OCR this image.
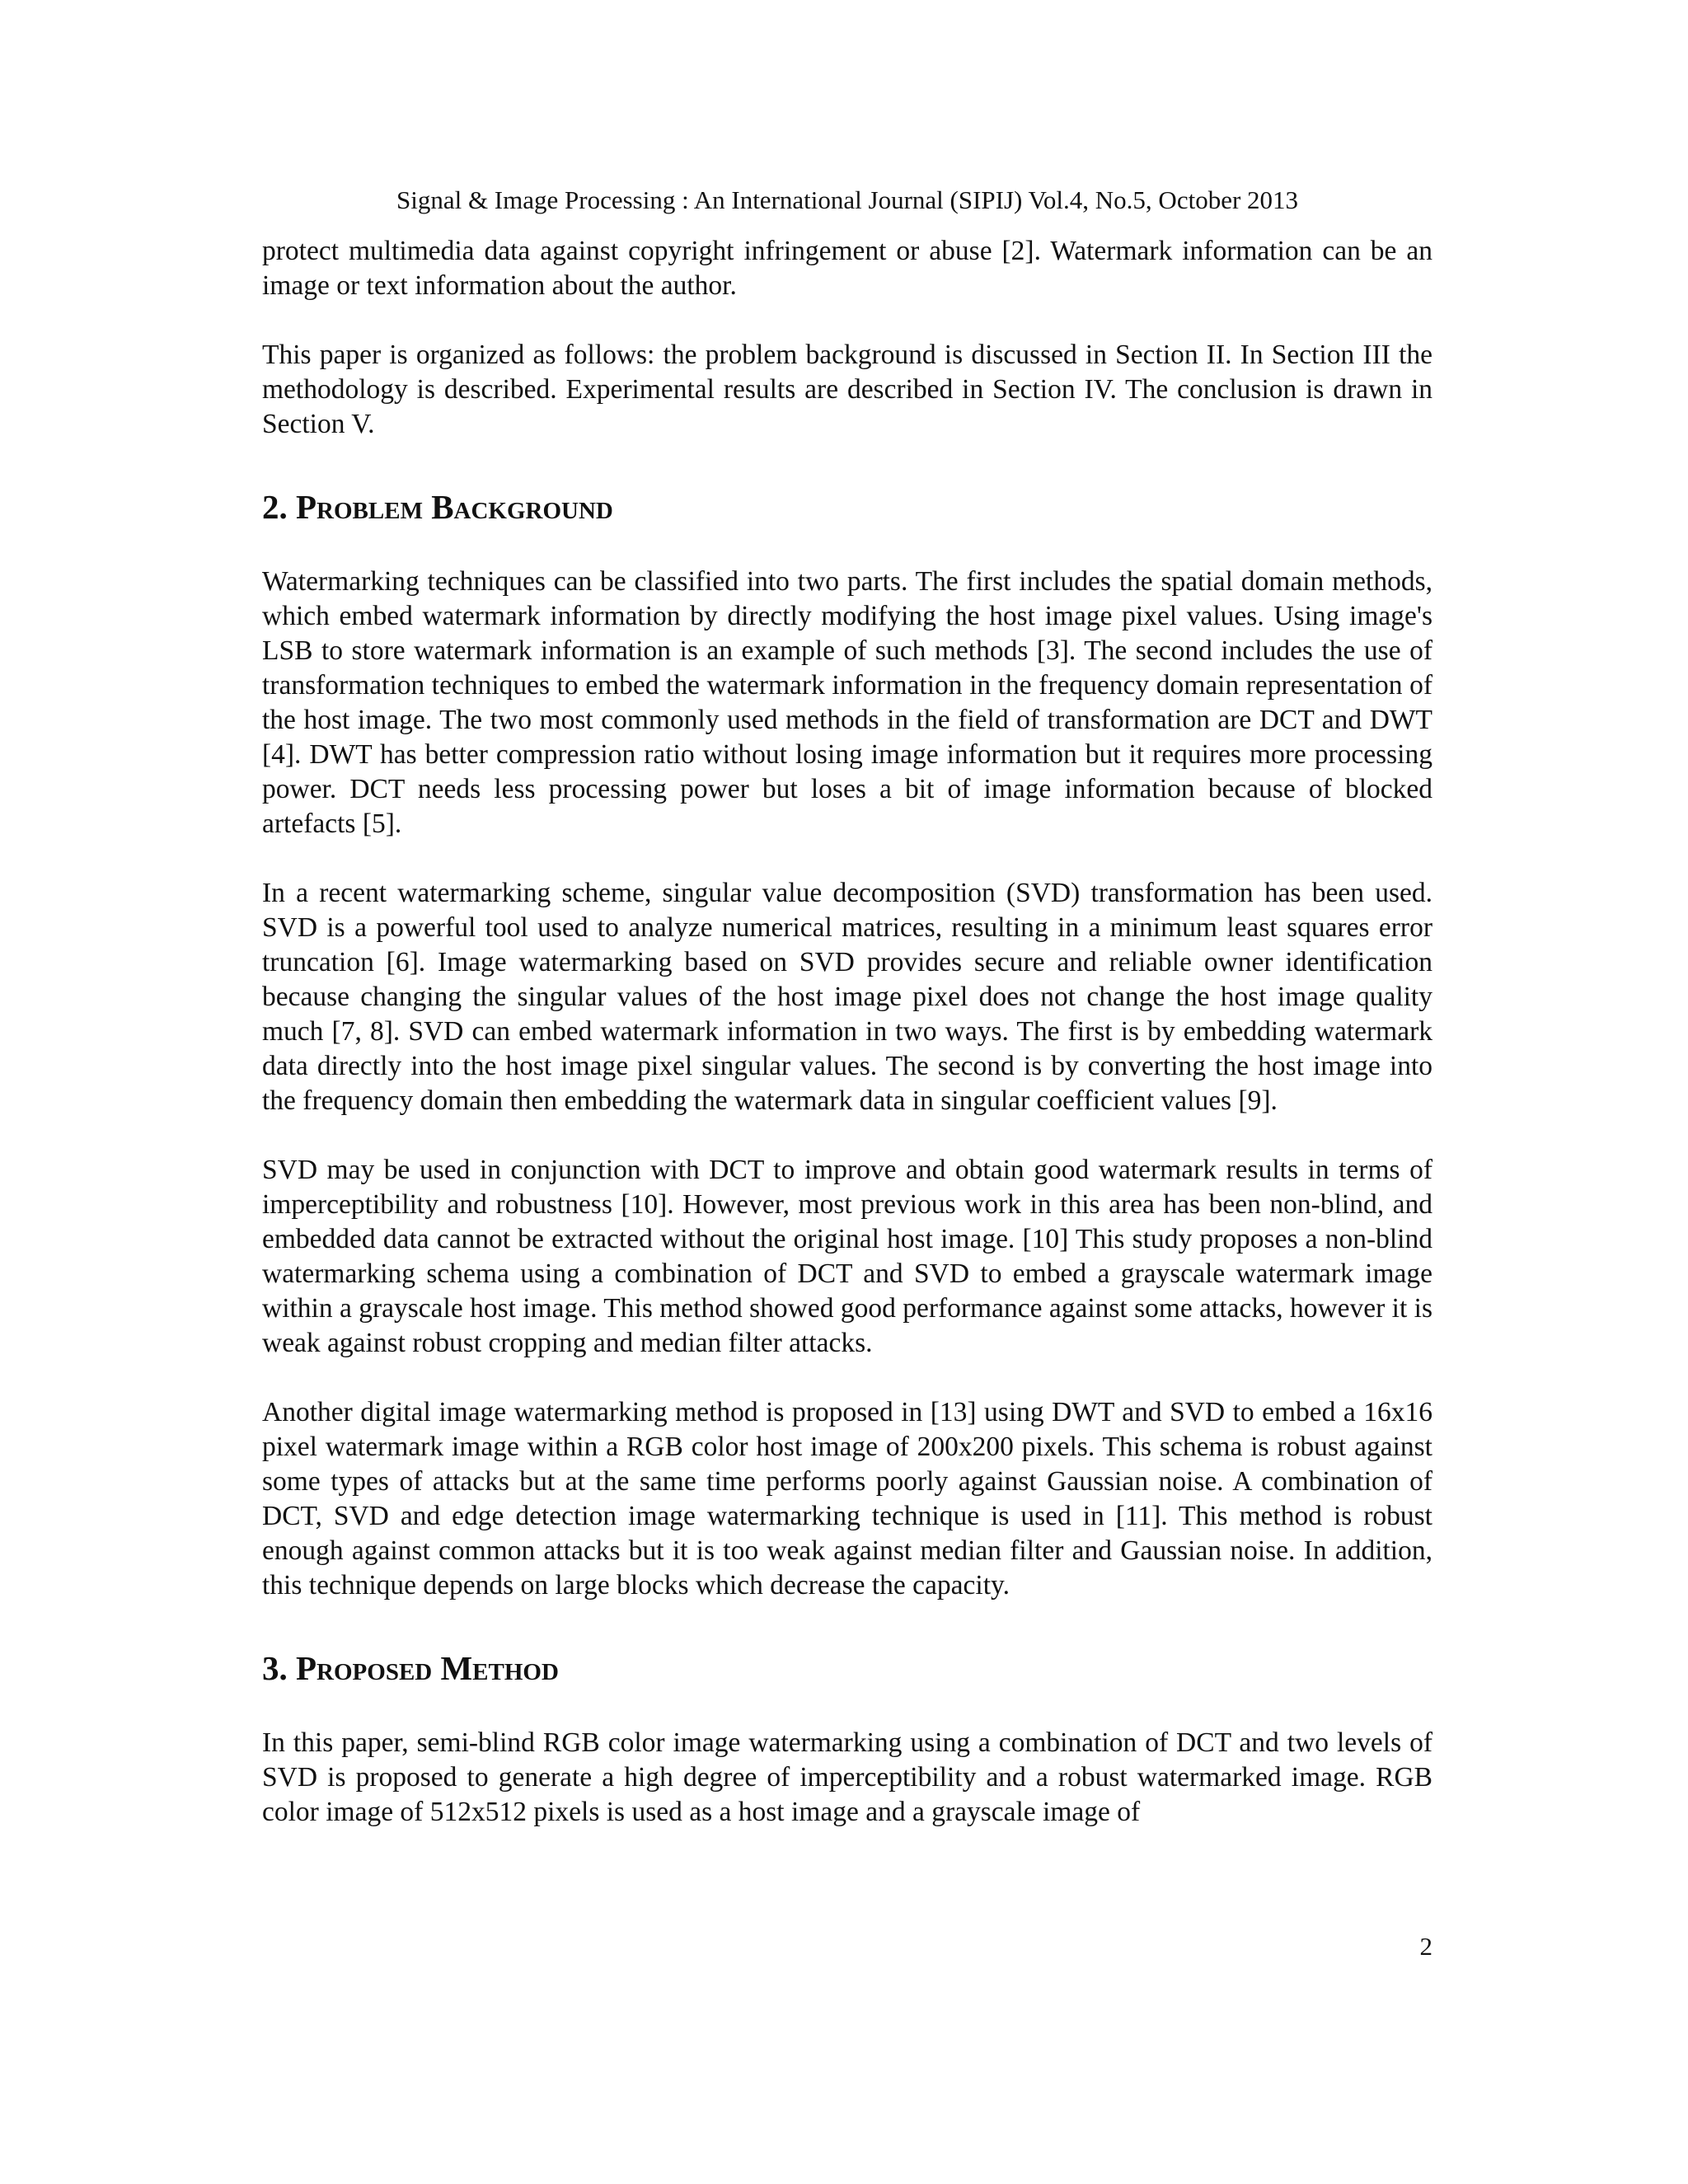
Signal & Image Processing : An International Journal (SIPIJ) Vol.4, No.5, October 2013

protect multimedia data against copyright infringement or abuse [2]. Watermark information can be an image or text information about the author.

This paper is organized as follows: the problem background is discussed in Section II. In Section III the methodology is described. Experimental results are described in Section IV. The conclusion is drawn in Section V.

2. Problem Background

Watermarking techniques can be classified into two parts. The first includes the spatial domain methods, which embed watermark information by directly modifying the host image pixel values. Using image's LSB to store watermark information is an example of such methods [3]. The second includes the use of transformation techniques to embed the watermark information in the frequency domain representation of the host image. The two most commonly used methods in the field of transformation are DCT and DWT [4]. DWT has better compression ratio without losing image information but it requires more processing power. DCT needs less processing power but loses a bit of image information because of blocked artefacts [5].

In a recent watermarking scheme, singular value decomposition (SVD) transformation has been used. SVD is a powerful tool used to analyze numerical matrices, resulting in a minimum least squares error truncation [6]. Image watermarking based on SVD provides secure and reliable owner identification because changing the singular values of the host image pixel does not change the host image quality much [7, 8]. SVD can embed watermark information in two ways. The first is by embedding watermark data directly into the host image pixel singular values. The second is by converting the host image into the frequency domain then embedding the watermark data in singular coefficient values [9].

SVD may be used in conjunction with DCT to improve and obtain good watermark results in terms of imperceptibility and robustness [10]. However, most previous work in this area has been non-blind, and embedded data cannot be extracted without the original host image. [10] This study proposes a non-blind watermarking schema using a combination of DCT and SVD to embed a grayscale watermark image within a grayscale host image. This method showed good performance against some attacks, however it is weak against robust cropping and median filter attacks.

Another digital image watermarking method is proposed in [13] using DWT and SVD to embed a 16x16 pixel watermark image within a RGB color host image of 200x200 pixels. This schema is robust against some types of attacks but at the same time performs poorly against Gaussian noise. A combination of DCT, SVD and edge detection image watermarking technique is used in [11]. This method is robust enough against common attacks but it is too weak against median filter and Gaussian noise. In addition, this technique depends on large blocks which decrease the capacity.

3. Proposed Method

In this paper, semi-blind RGB color image watermarking using a combination of DCT and two levels of SVD is proposed to generate a high degree of imperceptibility and a robust watermarked image. RGB color image of 512x512 pixels is used as a host image and a grayscale image of

2
